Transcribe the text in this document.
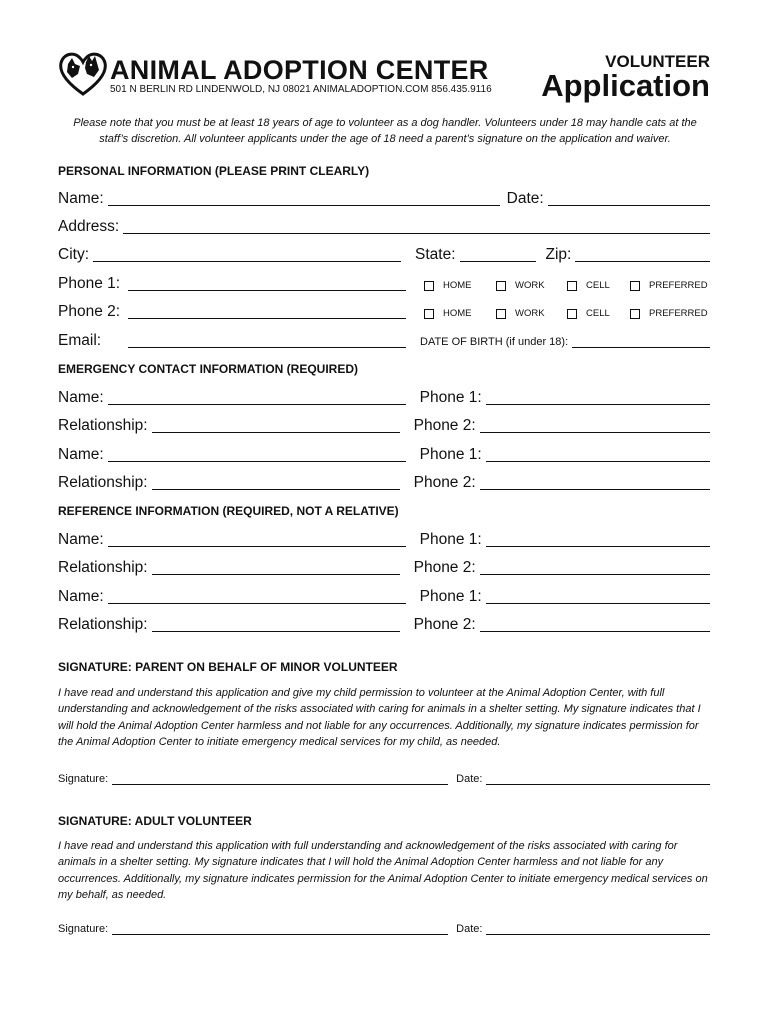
ANIMAL ADOPTION CENTER
501 N BERLIN RD LINDENWOLD, NJ 08021 ANIMALADOPTION.COM 856.435.9116
VOLUNTEER
Application
Please note that you must be at least 18 years of age to volunteer as a dog handler. Volunteers under 18 may handle cats at the staff’s discretion. All volunteer applicants under the age of 18 need a parent’s signature on the application and waiver.
PERSONAL INFORMATION (PLEASE PRINT CLEARLY)
Name:	Date:
Address:
City:	State:	Zip:
Phone 1:	HOME	WORK	CELL	PREFERRED
Phone 2:	HOME	WORK	CELL	PREFERRED
Email:	DATE OF BIRTH (if under 18):
EMERGENCY CONTACT INFORMATION (REQUIRED)
Name:	Phone 1:
Relationship:	Phone 2:
Name:	Phone 1:
Relationship:	Phone 2:
REFERENCE INFORMATION (REQUIRED, NOT A RELATIVE)
Name:	Phone 1:
Relationship:	Phone 2:
Name:	Phone 1:
Relationship:	Phone 2:
SIGNATURE: PARENT ON BEHALF OF MINOR VOLUNTEER
I have read and understand this application and give my child permission to volunteer at the Animal Adoption Center, with full understanding and acknowledgement of the risks associated with caring for animals in a shelter setting. My signature indicates that I will hold the Animal Adoption Center harmless and not liable for any occurrences. Additionally, my signature indicates permission for the Animal Adoption Center to initiate emergency medical services for my child, as needed.
Signature:	Date:
SIGNATURE: ADULT VOLUNTEER
I have read and understand this application with full understanding and acknowledgement of the risks associated with caring for animals in a shelter setting. My signature indicates that I will hold the Animal Adoption Center harmless and not liable for any occurrences. Additionally, my signature indicates permission for the Animal Adoption Center to initiate emergency medical services on my behalf, as needed.
Signature:	Date:
